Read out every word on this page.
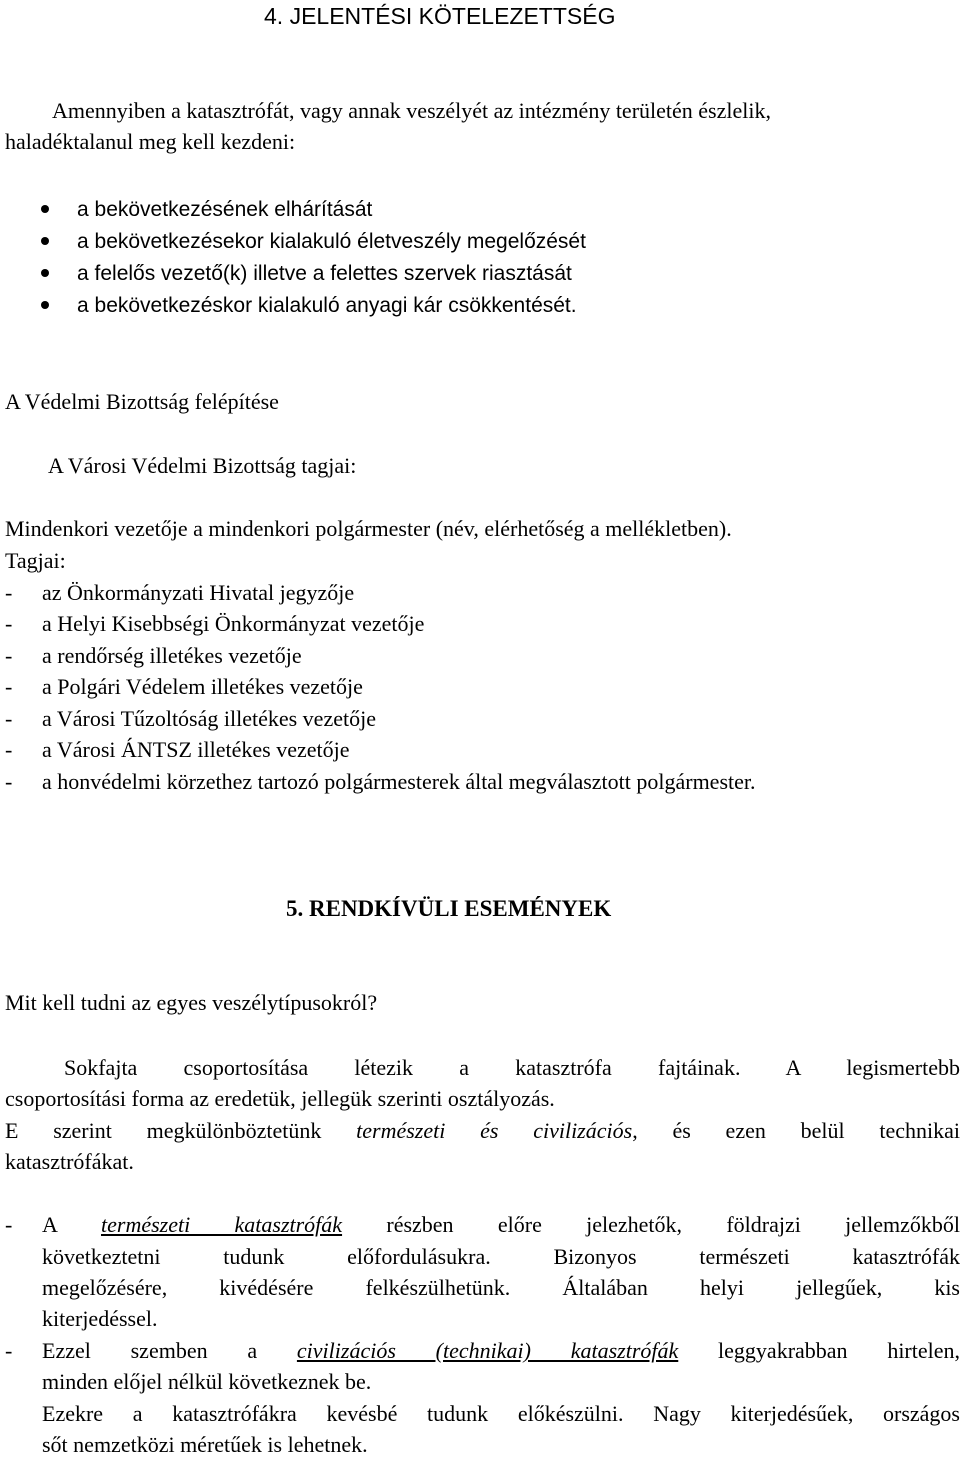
4. JELENTÉSI KÖTELEZETTSÉG
Amennyiben a katasztrófát, vagy annak veszélyét az intézmény területén észlelik,
haladéktalanul meg kell kezdeni:
a bekövetkezésének elhárítását
a bekövetkezésekor kialakuló életveszély megelőzését
a felelős vezető(k) illetve a felettes szervek riasztását
a bekövetkezéskor kialakuló anyagi kár csökkentését.
A Védelmi Bizottság felépítése
A Városi Védelmi Bizottság tagjai:
Mindenkori vezetője a mindenkori polgármester (név, elérhetőség a mellékletben).
Tagjai:
- az Önkormányzati Hivatal jegyzője
- a Helyi Kisebbségi Önkormányzat vezetője
- a rendőrség illetékes vezetője
- a Polgári Védelem illetékes vezetője
- a Városi Tűzoltóság illetékes vezetője
- a Városi ÁNTSZ illetékes vezetője
- a honvédelmi körzethez tartozó polgármesterek által megválasztott polgármester.
5. RENDKÍVÜLI ESEMÉNYEK
Mit kell tudni az egyes veszélytípusokról?
Sokfajta csoportosítása létezik a katasztrófa fajtáinak. A legismertebb
csoportosítási forma az eredetük, jellegük szerinti osztályozás.
E szerint megkülönböztetünk természeti és civilizációs, és ezen belül technikai
katasztrófákat.
- A természeti katasztrófák részben előre jelezhetők, földrajzi jellemzőkből
következtetni tudunk előfordulásukra. Bizonyos természeti katasztrófák
megelőzésére, kivédésére felkészülhetünk. Általában helyi jellegűek, kis
kiterjedéssel.
- Ezzel szemben a civilizációs (technikai) katasztrófák leggyakrabban hirtelen,
minden előjel nélkül következnek be.
Ezekre a katasztrófákra kevésbé tudunk előkészülni. Nagy kiterjedésűek, országos
sőt nemzetközi méretűek is lehetnek.
